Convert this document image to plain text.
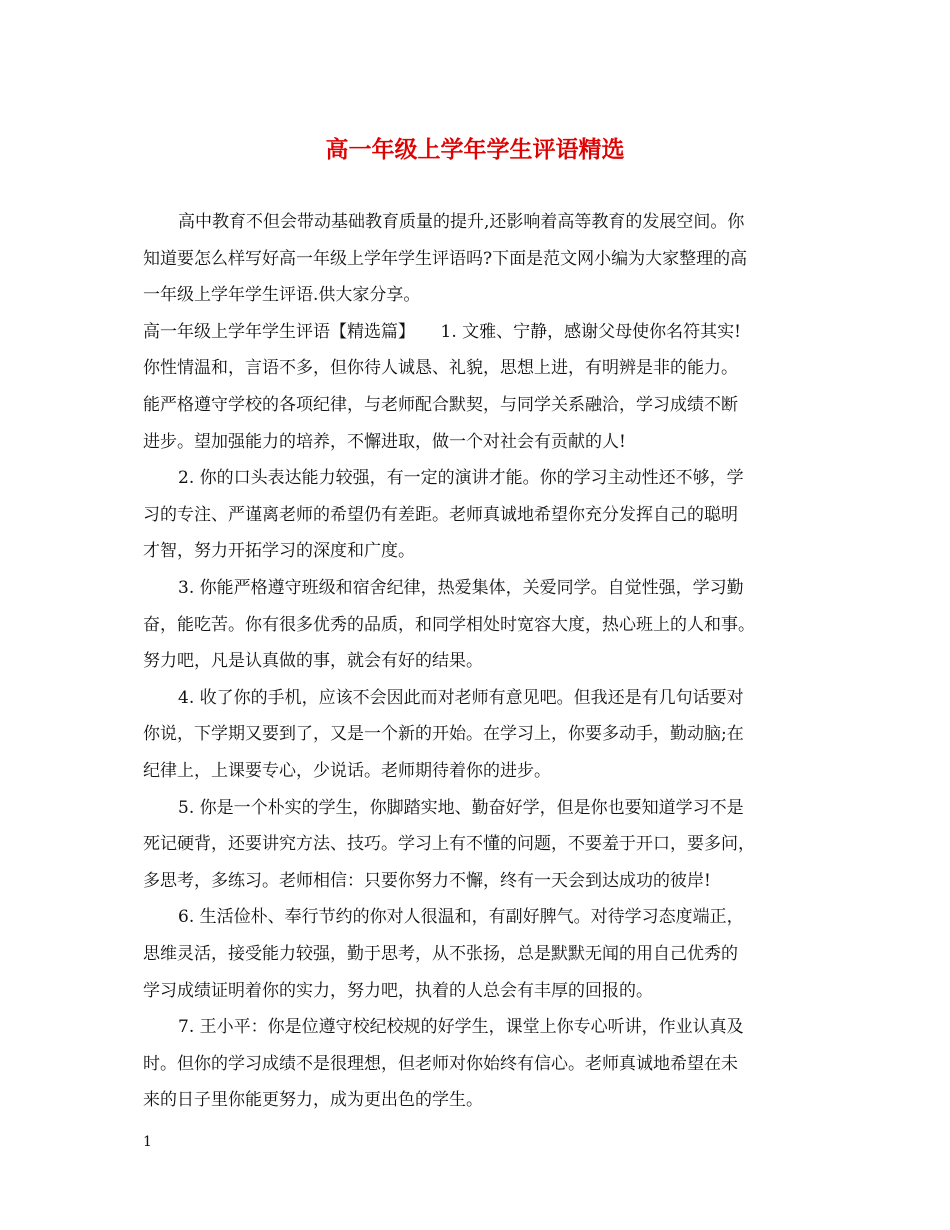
高一年级上学年学生评语精选
高中教育不但会带动基础教育质量的提升,还影响着高等教育的发展空间。你
知道要怎么样写好高一年级上学年学生评语吗?下面是范文网小编为大家整理的高
一年级上学年学生评语.供大家分享。
高一年级上学年学生评语【精选篇】　　1. 文雅、宁静，感谢父母使你名符其实!
你性情温和，言语不多，但你待人诚恳、礼貌，思想上进，有明辨是非的能力。
能严格遵守学校的各项纪律，与老师配合默契，与同学关系融洽，学习成绩不断
进步。望加强能力的培养，不懈进取，做一个对社会有贡献的人!
2. 你的口头表达能力较强，有一定的演讲才能。你的学习主动性还不够，学
习的专注、严谨离老师的希望仍有差距。老师真诚地希望你充分发挥自己的聪明
才智，努力开拓学习的深度和广度。
3. 你能严格遵守班级和宿舍纪律，热爱集体，关爱同学。自觉性强，学习勤
奋，能吃苦。你有很多优秀的品质，和同学相处时宽容大度，热心班上的人和事。
努力吧，凡是认真做的事，就会有好的结果。
4. 收了你的手机，应该不会因此而对老师有意见吧。但我还是有几句话要对
你说，下学期又要到了，又是一个新的开始。在学习上，你要多动手，勤动脑;在
纪律上，上课要专心，少说话。老师期待着你的进步。
5. 你是一个朴实的学生，你脚踏实地、勤奋好学，但是你也要知道学习不是
死记硬背，还要讲究方法、技巧。学习上有不懂的问题，不要羞于开口，要多问，
多思考，多练习。老师相信：只要你努力不懈，终有一天会到达成功的彼岸!
6. 生活俭朴、奉行节约的你对人很温和，有副好脾气。对待学习态度端正，
思维灵活，接受能力较强，勤于思考，从不张扬，总是默默无闻的用自己优秀的
学习成绩证明着你的实力，努力吧，执着的人总会有丰厚的回报的。
1
7. 王小平：你是位遵守校纪校规的好学生，课堂上你专心听讲，作业认真及
时。但你的学习成绩不是很理想，但老师对你始终有信心。老师真诚地希望在未
来的日子里你能更努力，成为更出色的学生。
